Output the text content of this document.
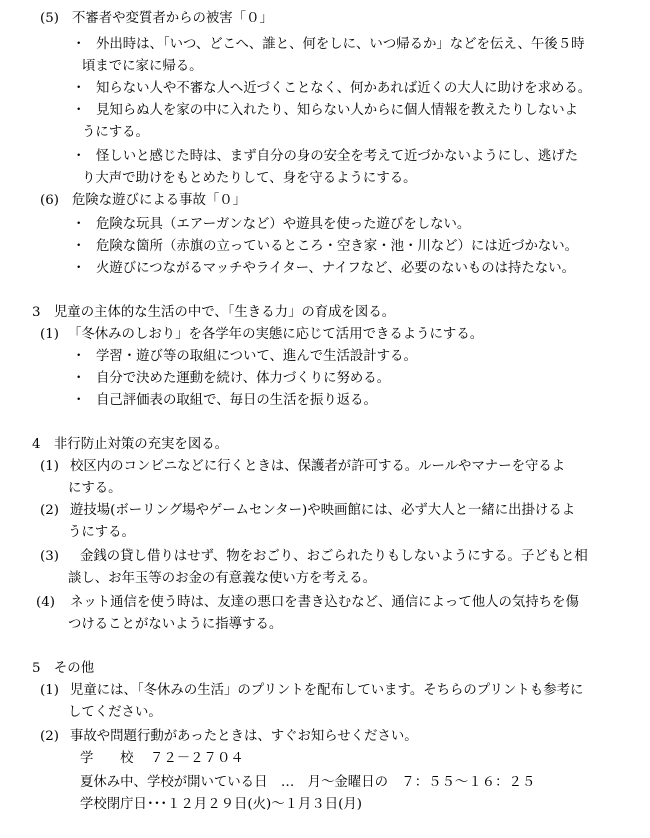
(5) 不審者や変質者からの被害「０」
・ 外出時は、「いつ、どこへ、誰と、何をしに、いつ帰るか」などを伝え、午後５時
頃までに家に帰る。
・ 知らない人や不審な人へ近づくことなく、何かあれば近くの大人に助けを求める。
・ 見知らぬ人を家の中に入れたり、知らない人からに個人情報を教えたりしないよ
うにする。
・ 怪しいと感じた時は、まず自分の身の安全を考えて近づかないようにし、逃げた
り大声で助けをもとめたりして、身を守るようにする。
(6) 危険な遊びによる事故「０」
・ 危険な玩具（エアーガンなど）や遊具を使った遊びをしない。
・ 危険な箇所（赤旗の立っているところ・空き家・池・川など）には近づかない。
・ 火遊びにつながるマッチやライター、ナイフなど、必要のないものは持たない。
3　児童の主体的な生活の中で、「生きる力」の育成を図る。
(1) 「冬休みのしおり」を各学年の実態に応じて活用できるようにする。
・ 学習・遊び等の取組について、進んで生活設計する。
・ 自分で決めた運動を続け、体力づくりに努める。
・ 自己評価表の取組で、毎日の生活を振り返る。
4　非行防止対策の充実を図る。
(1) 校区内のコンビニなどに行くときは、保護者が許可する。ルールやマナーを守るよ
にする。
(2) 遊技場(ボーリング場やゲームセンター)や映画館には、必ず大人と一緒に出掛けるよ
うにする。
(3) 金銭の貸し借りはせず、物をおごり、おごられたりもしないようにする。子どもと相
談し、お年玉等のお金の有意義な使い方を考える。
(4) ネット通信を使う時は、友達の悪口を書き込むなど、通信によって他人の気持ちを傷
つけることがないように指導する。
5　その他
(1) 児童には、「冬休みの生活」のプリントを配布しています。そちらのプリントも参考に
してください。
(2) 事故や問題行動があったときは、すぐお知らせください。
学　　校 ７２－２７０４
夏休み中、学校が開いている日　…　月～金曜日の　７：５５～１６：２５
学校閉庁日･･･１２月２９日(火)～１月３日(月)
